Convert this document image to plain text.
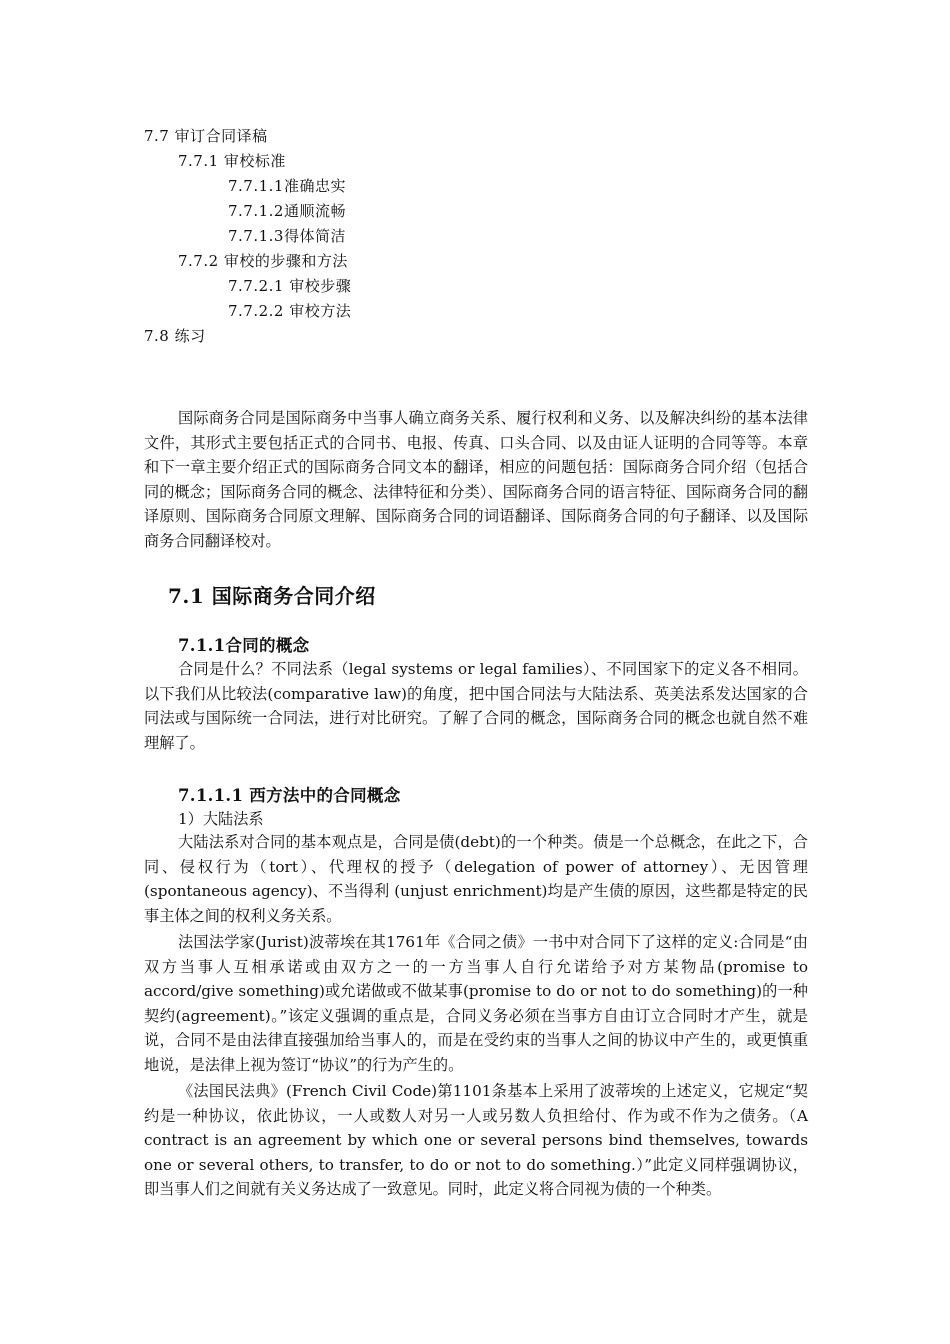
7.7 审订合同译稿
7.7.1 审校标准
7.7.1.1准确忠实
7.7.1.2通顺流畅
7.7.1.3得体简洁
7.7.2 审校的步骤和方法
7.7.2.1 审校步骤
7.7.2.2 审校方法
7.8 练习

国际商务合同是国际商务中当事人确立商务关系、履行权利和义务、以及解决纠纷的基本法律文件，其形式主要包括正式的合同书、电报、传真、口头合同、以及由证人证明的合同等等。本章和下一章主要介绍正式的国际商务合同文本的翻译，相应的问题包括：国际商务合同介绍（包括合同的概念；国际商务合同的概念、法律特征和分类）、国际商务合同的语言特征、国际商务合同的翻译原则、国际商务合同原文理解、国际商务合同的词语翻译、国际商务合同的句子翻译、以及国际商务合同翻译校对。

7.1 国际商务合同介绍
7.1.1合同的概念

合同是什么？不同法系（legal systems or legal families）、不同国家下的定义各不相同。以下我们从比较法(comparative law)的角度，把中国合同法与大陆法系、英美法系发达国家的合同法或与国际统一合同法，进行对比研究。了解了合同的概念，国际商务合同的概念也就自然不难理解了。

7.1.1.1 西方法中的合同概念

1）大陆法系

大陆法系对合同的基本观点是，合同是债(debt)的一个种类。债是一个总概念，在此之下，合同、侵权行为（tort）、代理权的授予（delegation of power of attorney）、无因管理(spontaneous agency)、不当得利 (unjust enrichment)均是产生债的原因，这些都是特定的民事主体之间的权利义务关系。

法国法学家(Jurist)波蒂埃在其1761年《合同之债》一书中对合同下了这样的定义:合同是“由双方当事人互相承诺或由双方之一的一方当事人自行允诺给予对方某物品(promise to accord/give something)或允诺做或不做某事(promise to do or not to do something)的一种契约(agreement)。”该定义强调的重点是，合同义务必须在当事方自由订立合同时才产生，就是说，合同不是由法律直接强加给当事人的，而是在受约束的当事人之间的协议中产生的，或更慎重地说，是法律上视为签订“协议”的行为产生的。

《法国民法典》(French Civil Code)第1101条基本上采用了波蒂埃的上述定义，它规定“契约是一种协议，依此协议，一人或数人对另一人或另数人负担给付、作为或不作为之债务。（A contract is an agreement by which one or several persons bind themselves, towards one or several others, to transfer, to do or not to do something.）”此定义同样强调协议，即当事人们之间就有关义务达成了一致意见。同时，此定义将合同视为债的一个种类。
